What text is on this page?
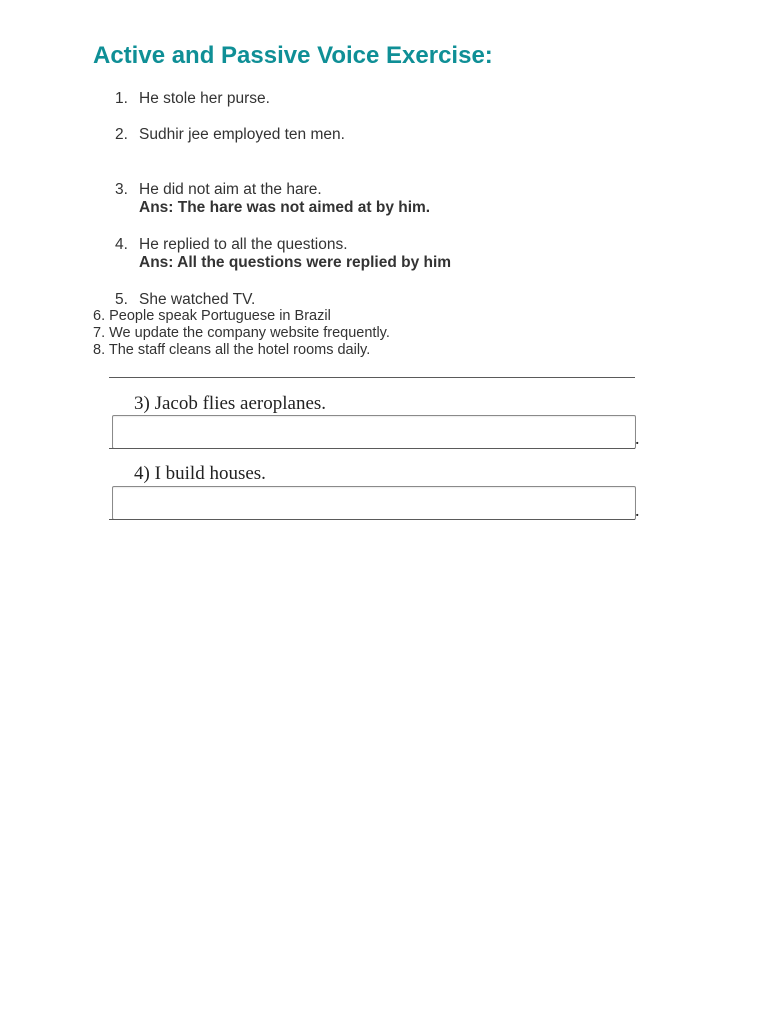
Active and Passive Voice Exercise:
1. He stole her purse.
2. Sudhir jee employed ten men.
3. He did not aim at the hare.
Ans: The hare was not aimed at by him.
4. He replied to all the questions.
Ans: All the questions were replied by him
5. She watched TV.
6. People speak Portuguese in Brazil
7. We update the company website frequently.
8. The staff cleans all the hotel rooms daily.
3) Jacob flies aeroplanes.
.
4) I build houses.
.
